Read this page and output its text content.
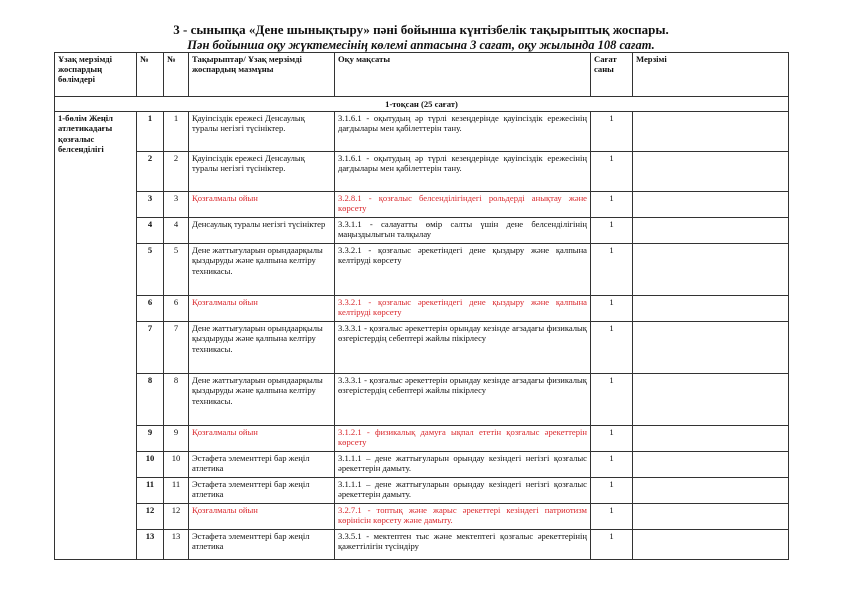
3 - сыныпқа «Дене шынықтыру» пәні бойынша күнтізбелік тақырыптық жоспары.
Пән бойынша оқу жүктемесінің көлемі аптасына 3 сағат, оқу жылында 108 сағат.
Ұзақ мерзімді жоспардың бөлімдері	№	№	Тақырыптар/ Ұзақ мерзімді жоспардың мазмұны	Оқу мақсаты	Сағат саны	Мерзімі
1-тоқсан (25 сағат)						
1-бөлім Жеңіл атлетикадағы қозғалыс белсенділігі	1	1	Қауіпсіздік ережесі Денсаулық туралы негізгі түсініктер.	3.1.6.1 - оқытудың әр түрлі кезеңдерінде қауіпсіздік ережесінің дағдылары мен қабілеттерін тану.	1	
	2	2	Қауіпсіздік ережесі Денсаулық туралы негізгі түсініктер.	3.1.6.1 - оқытудың әр түрлі кезеңдерінде қауіпсіздік ережесінің дағдылары мен қабілеттерін тану.	1	
	3	3	Қозғалмалы ойын	3.2.8.1 - қозғалыс белсенділігіндегі рольдерді анықтау және көрсету	1	
	4	4	Денсаулық туралы негізгі түсініктер	3.3.1.1 - салауатты өмір салты үшін дене белсенділігінің маңыздылығын талқылау	1	
	5	5	Дене жаттығуларын орындаарқылы қыздыруды және қалпына келтіру техникасы.	3.3.2.1 - қозғалыс әрекетіндегі дене қыздыру және қалпына келтіруді көрсету	1	
	6	6	Қозғалмалы ойын	3.3.2.1 - қозғалыс әрекетіндегі дене қыздыру және қалпына келтіруді көрсету	1	
	7	7	Дене жаттығуларын орындаарқылы қыздыруды және қалпына келтіру техникасы.	3.3.3.1 - қозғалыс әрекеттерін орындау кезінде ағзадағы физикалық өзгерістердің себептері жайлы пікірлесу	1	
	8	8	Дене жаттығуларын орындаарқылы қыздыруды және қалпына келтіру техникасы.	3.3.3.1 - қозғалыс әрекеттерін орындау кезінде ағзадағы физикалық өзгерістердің себептері жайлы пікірлесу	1	
	9	9	Қозғалмалы ойын	3.1.2.1 - физикалық дамуға ықпал ететін қозғалыс әрекеттерін көрсету	1	
	10	10	Эстафета элементтері бар жеңіл атлетика	3.1.1.1 – дене жаттығуларын орындау кезіндегі негізгі қозғалыс әрекеттерін дамыту.	1	
	11	11	Эстафета элементтері бар жеңіл атлетика	3.1.1.1 – дене жаттығуларын орындау кезіндегі негізгі қозғалыс әрекеттерін дамыту.	1	
	12	12	Қозғалмалы ойын	3.2.7.1 - топтық және жарыс әрекеттері кезіндегі патриотизм көрінісін көрсету және дамыту.	1	
	13	13	Эстафета элементтері бар жеңіл атлетика	3.3.5.1 - мектептен тыс және мектептегі қозғалыс әрекеттерінің қажеттілігін түсіндіру	1	
